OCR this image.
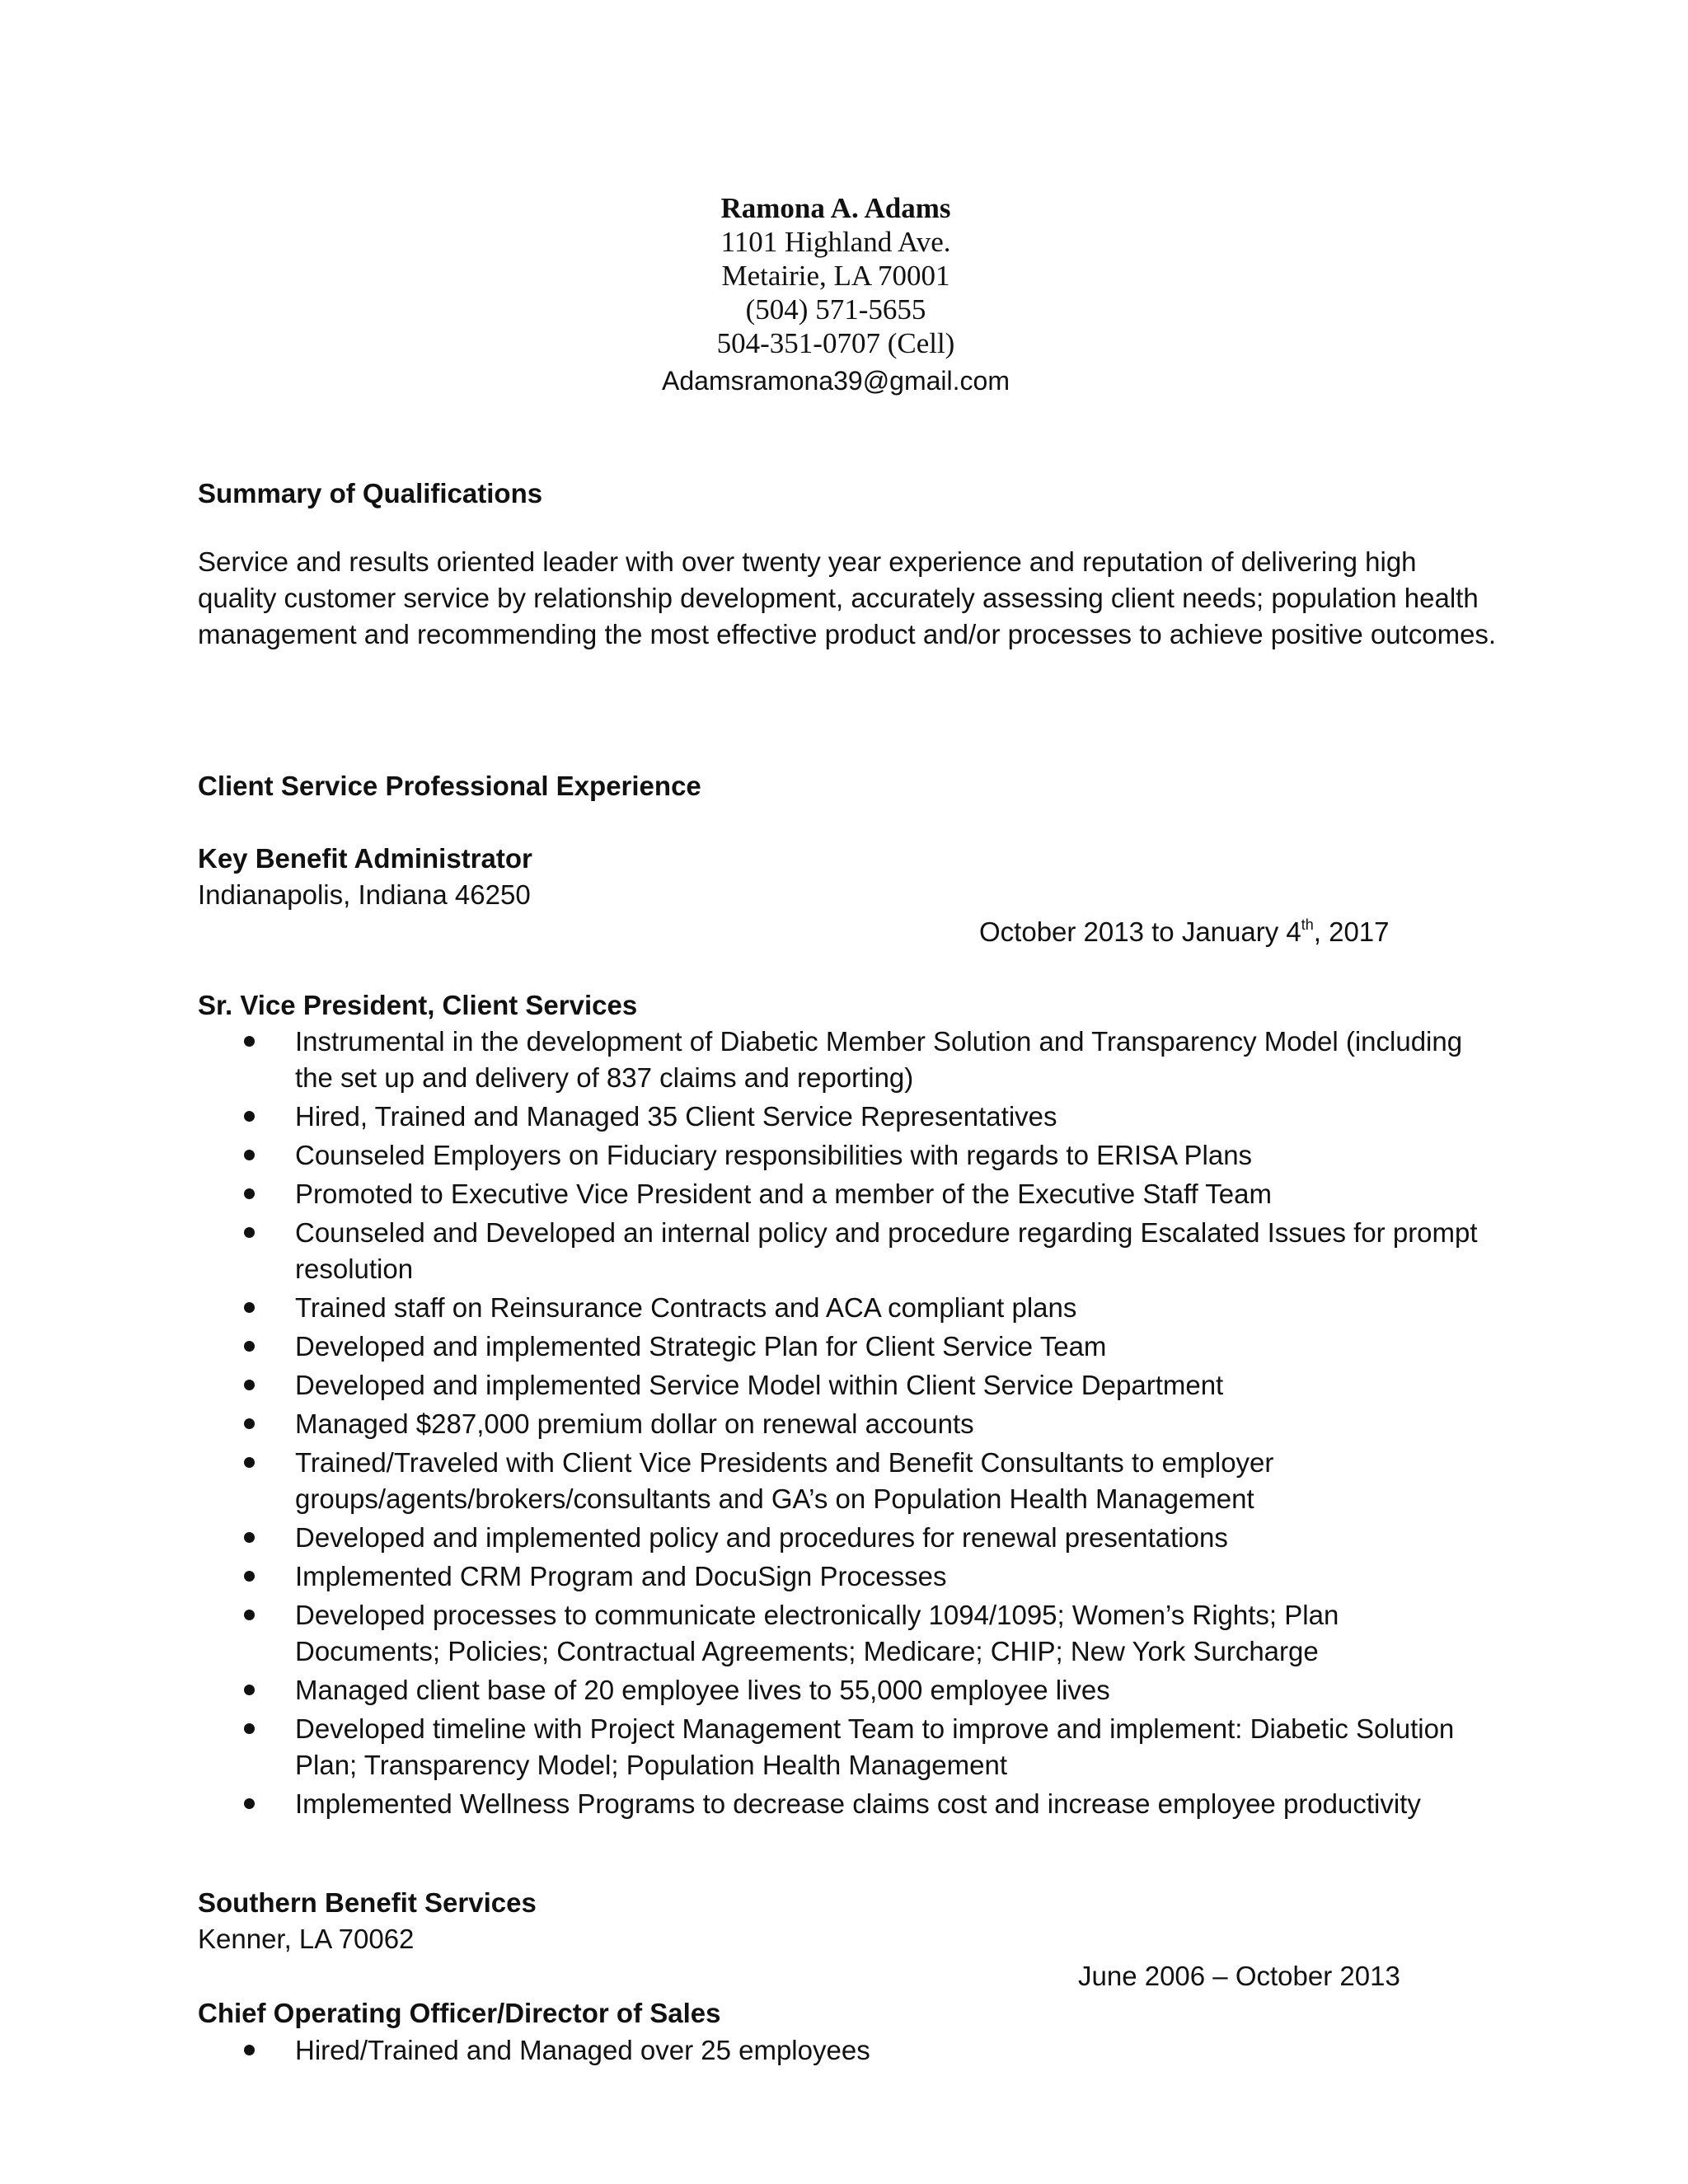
Ramona A. Adams
1101 Highland Ave.
Metairie, LA 70001
(504) 571-5655
504-351-0707 (Cell)
Adamsramona39@gmail.com
Summary of Qualifications
Service and results oriented leader with over twenty year experience and reputation of delivering high quality customer service by relationship development, accurately assessing client needs; population health management and recommending the most effective product and/or processes to achieve positive outcomes.
Client Service Professional Experience
Key Benefit Administrator
Indianapolis, Indiana 46250
October 2013 to January 4th, 2017
Sr. Vice President, Client Services
Instrumental in the development of Diabetic Member Solution and Transparency Model (including the set up and delivery of 837 claims and reporting)
Hired, Trained and Managed 35 Client Service Representatives
Counseled Employers on Fiduciary responsibilities with regards to ERISA Plans
Promoted to Executive Vice President and a member of the Executive Staff Team
Counseled and Developed an internal policy and procedure regarding Escalated Issues for prompt resolution
Trained staff on Reinsurance Contracts and ACA compliant plans
Developed and implemented Strategic Plan for Client Service Team
Developed and implemented Service Model within Client Service Department
Managed $287,000 premium dollar on renewal accounts
Trained/Traveled with Client Vice Presidents and Benefit Consultants to employer groups/agents/brokers/consultants and GA’s on Population Health Management
Developed and implemented policy and procedures for renewal presentations
Implemented CRM Program and DocuSign Processes
Developed processes to communicate electronically 1094/1095; Women’s Rights; Plan Documents; Policies; Contractual Agreements; Medicare; CHIP; New York Surcharge
Managed client base of 20 employee lives to 55,000 employee lives
Developed timeline with Project Management Team to improve and implement: Diabetic Solution Plan; Transparency Model; Population Health Management
Implemented Wellness Programs to decrease claims cost and increase employee productivity
Southern Benefit Services
Kenner, LA 70062
June 2006 – October 2013
Chief Operating Officer/Director of Sales
Hired/Trained and Managed over 25 employees
